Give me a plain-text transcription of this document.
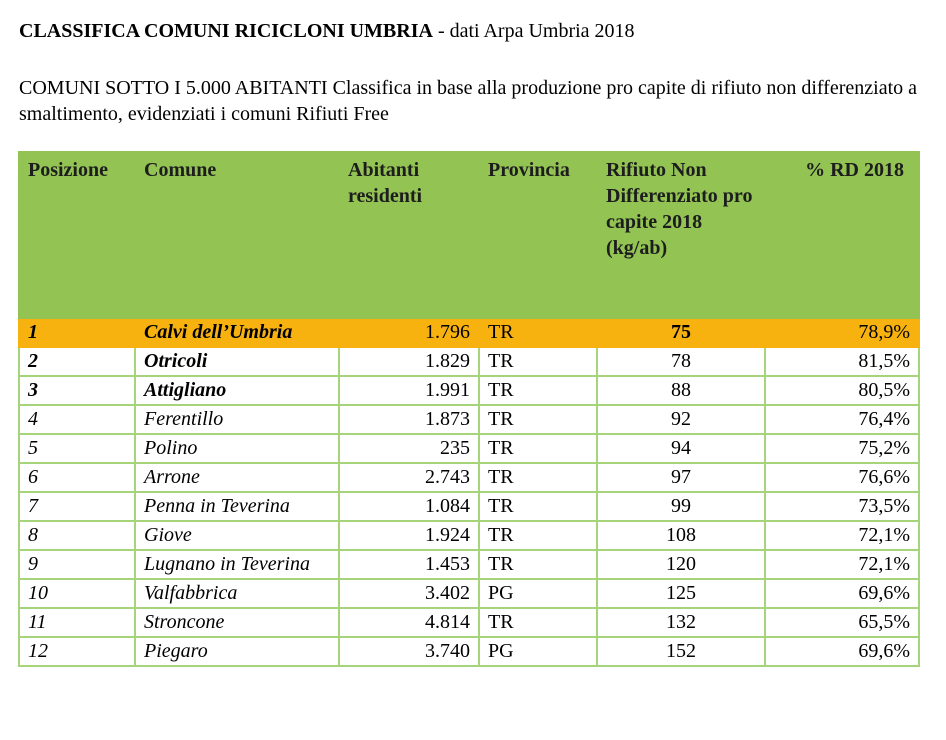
CLASSIFICA COMUNI RICICLONI UMBRIA - dati Arpa Umbria 2018
COMUNI SOTTO I 5.000 ABITANTI Classifica in base alla produzione pro capite di rifiuto non differenziato a smaltimento, evidenziati i comuni Rifiuti Free
Posizione	Comune	Abitanti residenti	Provincia	Rifiuto Non Differenziato pro capite 2018 (kg/ab)	% RD 2018
1	Calvi dell’Umbria	1.796	TR	75	78,9%
2	Otricoli	1.829	TR	78	81,5%
3	Attigliano	1.991	TR	88	80,5%
4	Ferentillo	1.873	TR	92	76,4%
5	Polino	235	TR	94	75,2%
6	Arrone	2.743	TR	97	76,6%
7	Penna in Teverina	1.084	TR	99	73,5%
8	Giove	1.924	TR	108	72,1%
9	Lugnano in Teverina	1.453	TR	120	72,1%
10	Valfabbrica	3.402	PG	125	69,6%
11	Stroncone	4.814	TR	132	65,5%
12	Piegaro	3.740	PG	152	69,6%
